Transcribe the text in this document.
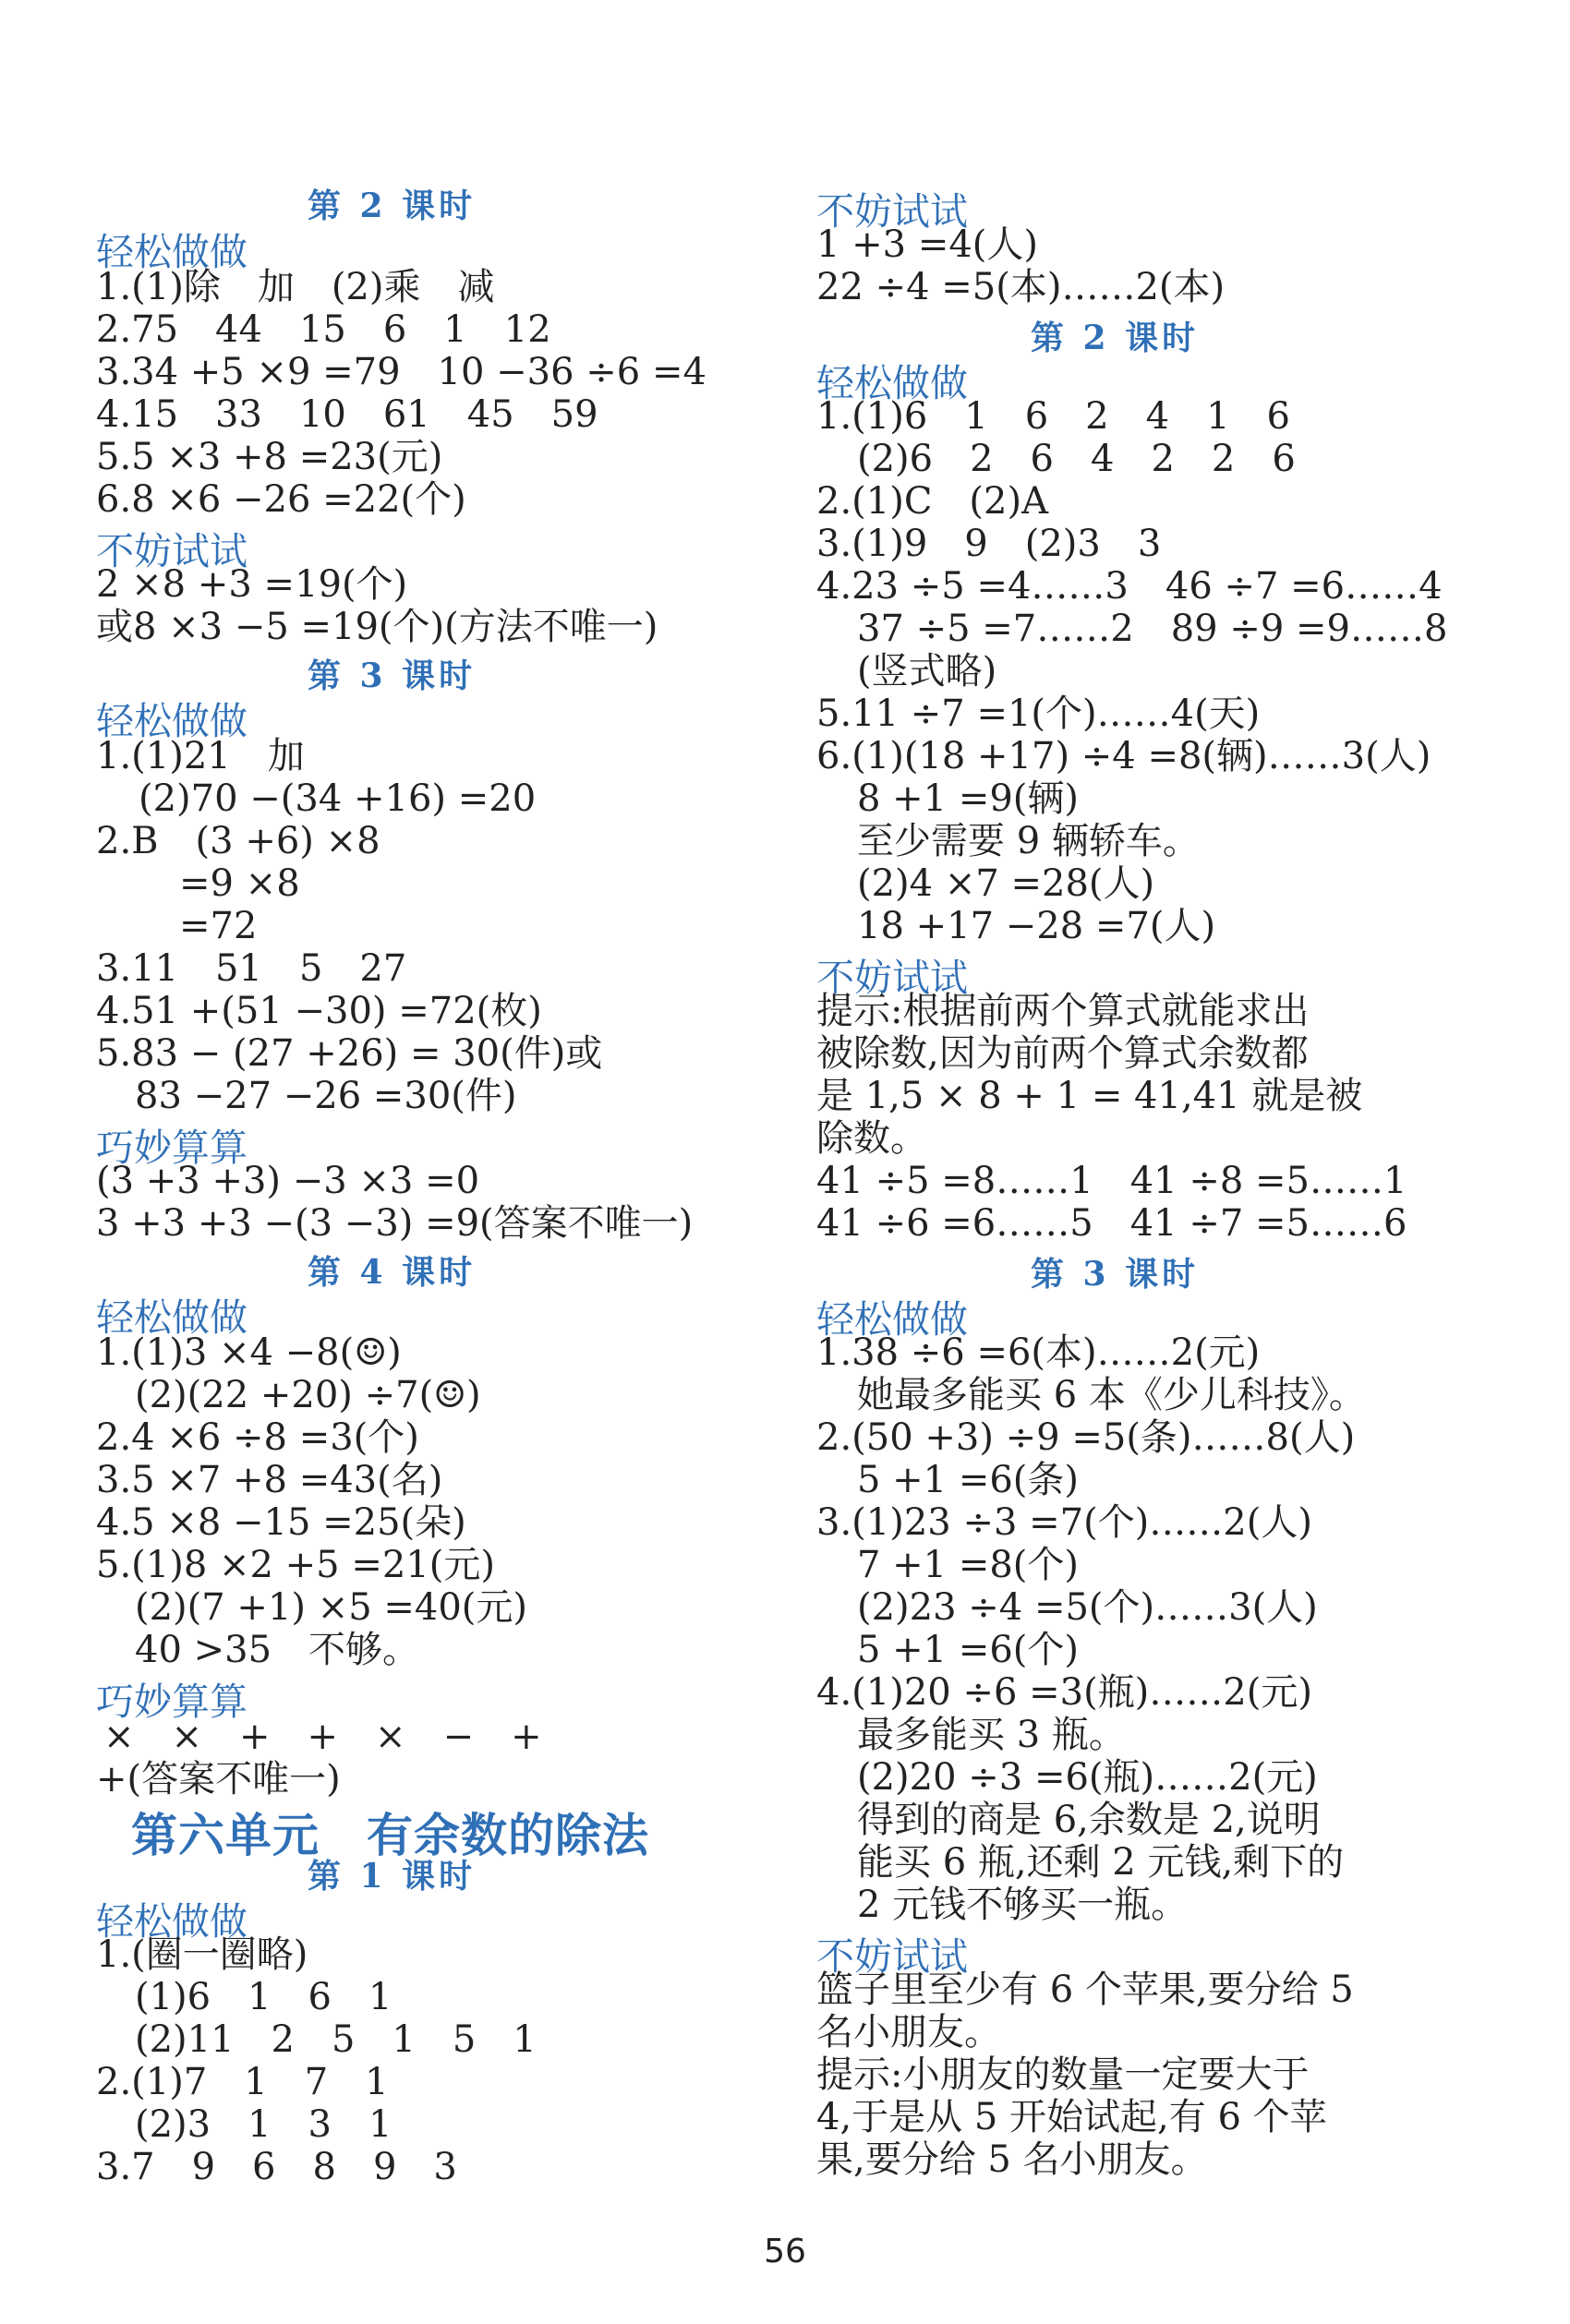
第 2 课时
轻松做做
1.(1)除　加　(2)乘　减
2.75　44　15　6　1　12
3.34 +5 ×9 =79　10 −36 ÷6 =4
4.15　33　10　61　45　59
5.5 ×3 +8 =23(元)
6.8 ×6 −26 =22(个)
不妨试试
2 ×8 +3 =19(个)
或8 ×3 −5 =19(个)(方法不唯一)
第 3 课时
轻松做做
1.(1)21　加
(2)70 −(34 +16) =20
2.B　(3 +6) ×8
=9 ×8
=72
3.11　51　5　27
4.51 +(51 −30) =72(枚)
5.83 − (27 +26) = 30(件)或
83 −27 −26 =30(件)
巧妙算算
(3 +3 +3) −3 ×3 =0
3 +3 +3 −(3 −3) =9(答案不唯一)
第 4 课时
轻松做做
1.(1)3 ×4 −8(☺)
(2)(22 +20) ÷7(☺)
2.4 ×6 ÷8 =3(个)
3.5 ×7 +8 =43(名)
4.5 ×8 −15 =25(朵)
5.(1)8 ×2 +5 =21(元)
(2)(7 +1) ×5 =40(元)
40 >35　不够。
巧妙算算
×　×　+　+　×　−　+
+(答案不唯一)
第六单元　有余数的除法
第 1 课时
轻松做做
1.(圈一圈略)
(1)6　1　6　1
(2)11　2　5　1　5　1
2.(1)7　1　7　1
(2)3　1　3　1
3.7　9　6　8　9　3
不妨试试
1 +3 =4(人)
22 ÷4 =5(本)……2(本)
第 2 课时
轻松做做
1.(1)6　1　6　2　4　1　6
(2)6　2　6　4　2　2　6
2.(1)C　(2)A
3.(1)9　9　(2)3　3
4.23 ÷5 =4……3　46 ÷7 =6……4
37 ÷5 =7……2　89 ÷9 =9……8
(竖式略)
5.11 ÷7 =1(个)……4(天)
6.(1)(18 +17) ÷4 =8(辆)……3(人)
8 +1 =9(辆)
至少需要 9 辆轿车。
(2)4 ×7 =28(人)
18 +17 −28 =7(人)
不妨试试
提示:根据前两个算式就能求出
被除数,因为前两个算式余数都
是 1,5 × 8 + 1 = 41,41 就是被
除数。
41 ÷5 =8……1　41 ÷8 =5……1
41 ÷6 =6……5　41 ÷7 =5……6
第 3 课时
轻松做做
1.38 ÷6 =6(本)……2(元)
她最多能买 6 本《少儿科技》。
2.(50 +3) ÷9 =5(条)……8(人)
5 +1 =6(条)
3.(1)23 ÷3 =7(个)……2(人)
7 +1 =8(个)
(2)23 ÷4 =5(个)……3(人)
5 +1 =6(个)
4.(1)20 ÷6 =3(瓶)……2(元)
最多能买 3 瓶。
(2)20 ÷3 =6(瓶)……2(元)
得到的商是 6,余数是 2,说明
能买 6 瓶,还剩 2 元钱,剩下的
2 元钱不够买一瓶。
不妨试试
篮子里至少有 6 个苹果,要分给 5
名小朋友。
提示:小朋友的数量一定要大于
4,于是从 5 开始试起,有 6 个苹
果,要分给 5 名小朋友。
56
